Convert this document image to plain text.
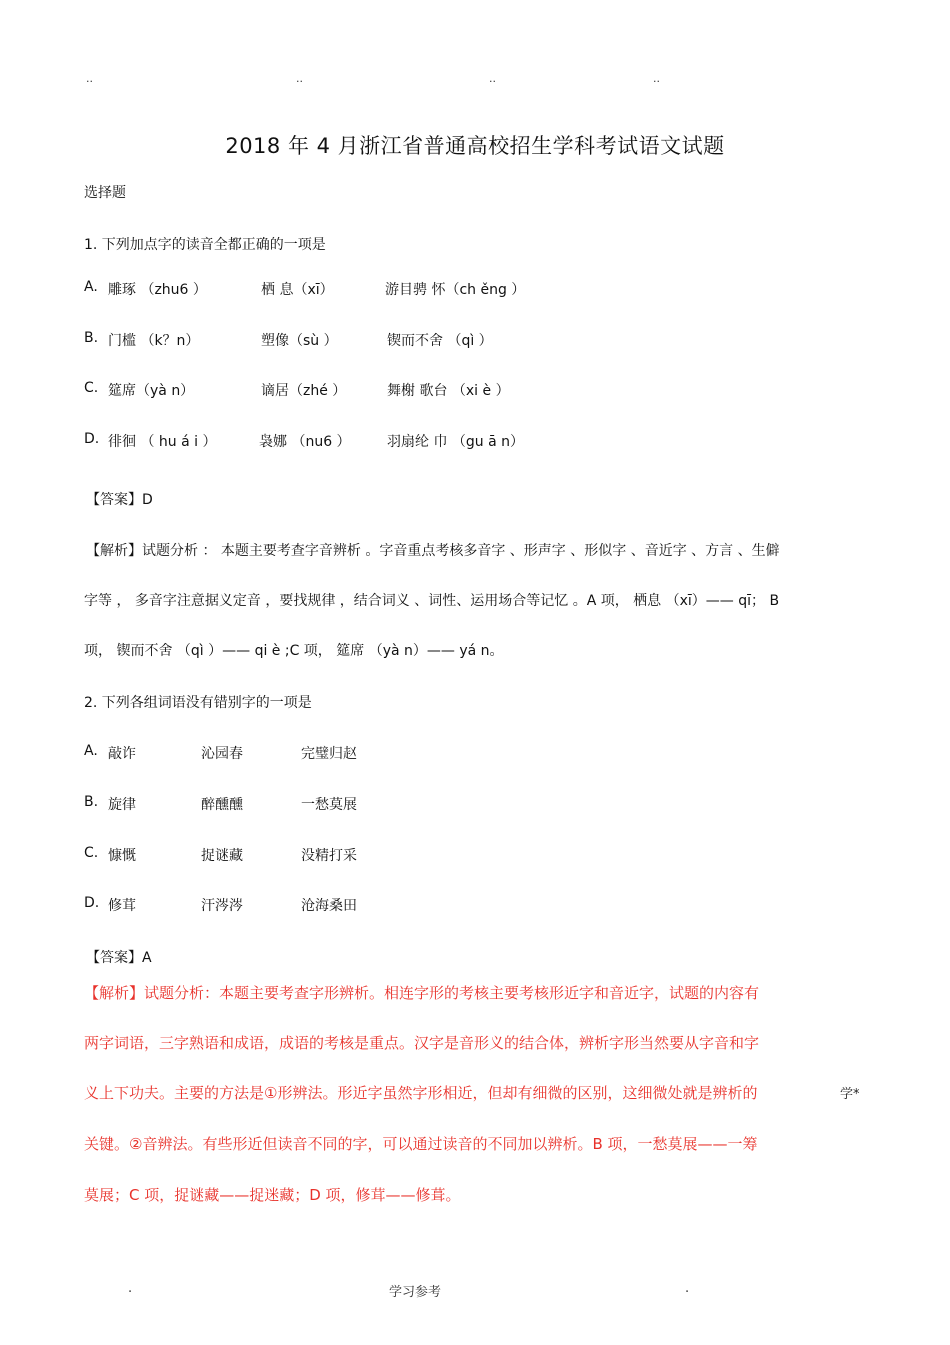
..	..	..	..
2018 年 4 月浙江省普通高校招生学科考试语文试题
选择题
1. 下列加点字的读音全都正确的一项是
A. 雕琢 （zhu6 ）	栖 息（xī）	游目骋 怀（ch ěng ）
B. 门槛 （k？n）	塑像（sù ）	锲而不舍 （qì ）
C. 筵席（yà n）	谪居（zhé ）	舞榭 歌台 （xi è ）
D. 徘徊 （ hu á i ）	袅娜 （nu6 ）	羽扇纶 巾 （gu ā n）
【答案】D
【解析】试题分析 ： 本题主要考查字音辨析 。字音重点考核多音字 、形声字 、形似字 、音近字 、方言 、生僻
字等 ， 多音字注意据义定音 ，要找规律 ，结合词义 、词性、运用场合等记忆 。A 项， 栖息 （xī）—— qī； B
项， 锲而不舍 （qì ）—— qi è ;C 项， 筵席 （yà n）—— yá n。
2. 下列各组词语没有错别字的一项是
A. 敲诈	沁园春	完璧归赵
B. 旋律	醉醺醺	一愁莫展
C. 慷慨	捉谜藏	没精打采
D. 修茸	汗涔涔	沧海桑田
【答案】A
【解析】试题分析：本题主要考查字形辨析。相连字形的考核主要考核形近字和音近字，试题的内容有
两字词语，三字熟语和成语，成语的考核是重点。汉字是音形义的结合体，辨析字形当然要从字音和字
义上下功夫。主要的方法是①形辨法。形近字虽然字形相近，但却有细微的区别，这细微处就是辨析的	学*
关键。②音辨法。有些形近但读音不同的字，可以通过读音的不同加以辨析。B 项，一愁莫展——一筹
莫展；C 项，捉谜藏——捉迷藏；D 项，修茸——修葺。
.	学习参考	.
